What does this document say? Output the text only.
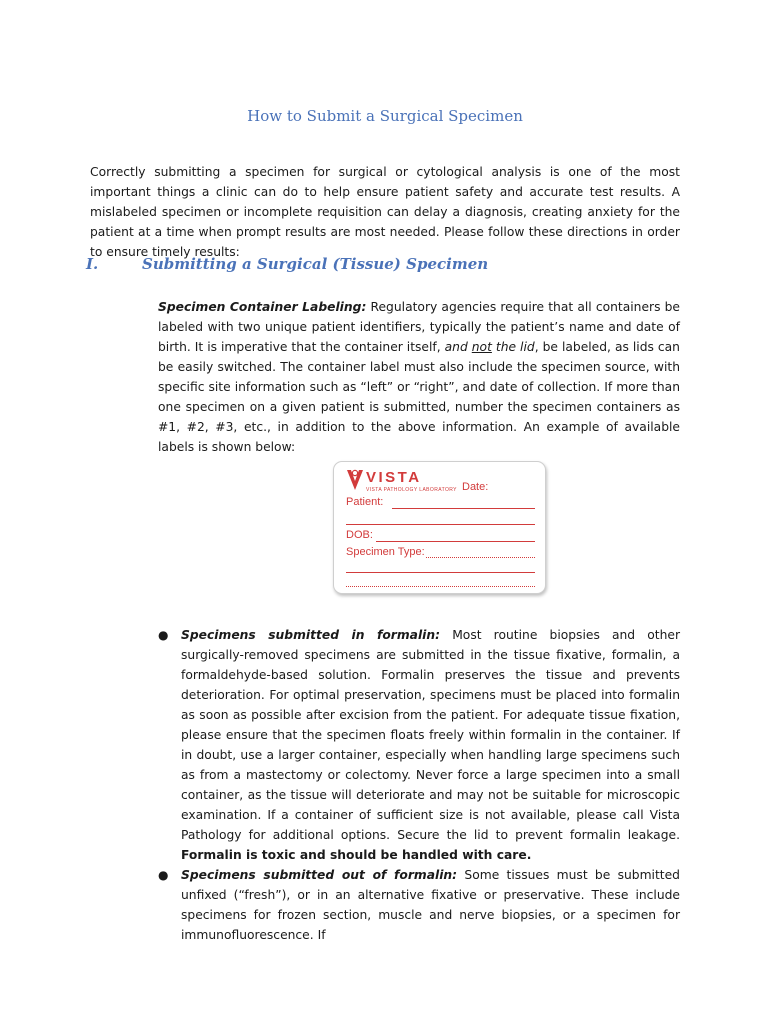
How to Submit a Surgical Specimen

Correctly submitting a specimen for surgical or cytological analysis is one of the most important things a clinic can do to help ensure patient safety and accurate test results. A mislabeled specimen or incomplete requisition can delay a diagnosis, creating anxiety for the patient at a time when prompt results are most needed. Please follow these directions in order to ensure timely results:

I.	Submitting a Surgical (Tissue) Specimen

Specimen Container Labeling: Regulatory agencies require that all containers be labeled with two unique patient identifiers, typically the patient’s name and date of birth. It is imperative that the container itself, and not the lid, be labeled, as lids can be easily switched. The container label must also include the specimen source, with specific site information such as “left” or “right”, and date of collection. If more than one specimen on a given patient is submitted, number the specimen containers as #1, #2, #3, etc., in addition to the above information. An example of available labels is shown below:

VISTA
VISTA PATHOLOGY LABORATORY Date:
Patient:
DOB:
Specimen Type:
● Specimens submitted in formalin: Most routine biopsies and other surgically-removed specimens are submitted in the tissue fixative, formalin, a formaldehyde-based solution. Formalin preserves the tissue and prevents deterioration. For optimal preservation, specimens must be placed into formalin as soon as possible after excision from the patient. For adequate tissue fixation, please ensure that the specimen floats freely within formalin in the container. If in doubt, use a larger container, especially when handling large specimens such as from a mastectomy or colectomy. Never force a large specimen into a small container, as the tissue will deteriorate and may not be suitable for microscopic examination. If a container of sufficient size is not available, please call Vista Pathology for additional options. Secure the lid to prevent formalin leakage. Formalin is toxic and should be handled with care.

● Specimens submitted out of formalin: Some tissues must be submitted unfixed (“fresh”), or in an alternative fixative or preservative. These include specimens for frozen section, muscle and nerve biopsies, or a specimen for immunofluorescence. If
